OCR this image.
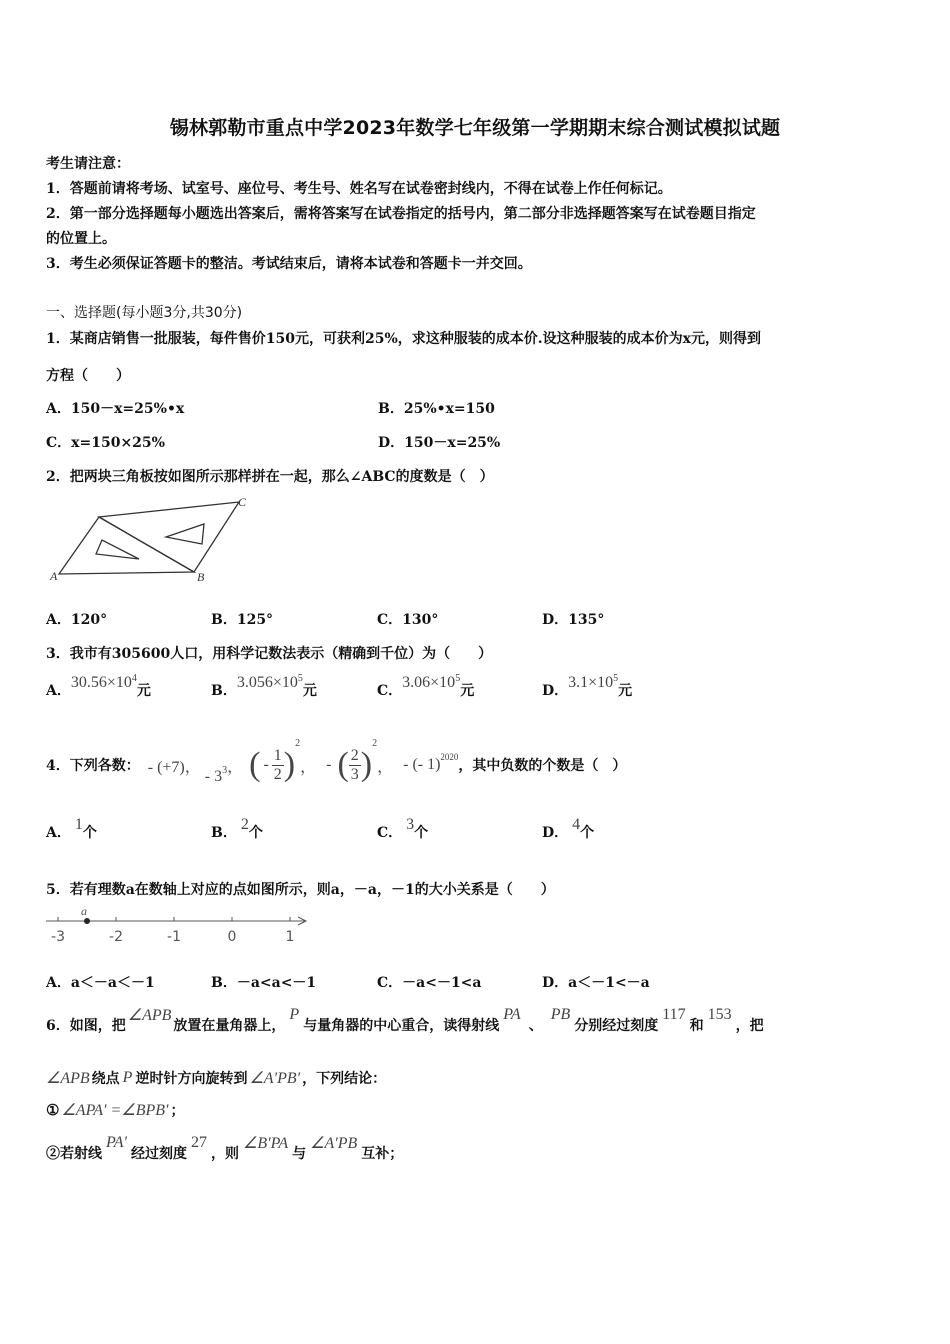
锡林郭勒市重点中学2023年数学七年级第一学期期末综合测试模拟试题
考生请注意：
1．答题前请将考场、试室号、座位号、考生号、姓名写在试卷密封线内，不得在试卷上作任何标记。
2．第一部分选择题每小题选出答案后，需将答案写在试卷指定的括号内，第二部分非选择题答案写在试卷题目指定
的位置上。
3．考生必须保证答题卡的整洁。考试结束后，请将本试卷和答题卡一并交回。
一、选择题(每小题3分,共30分)
1．某商店销售一批服装，每件售价150元，可获利25%，求这种服装的成本价.设这种服装的成本价为x元，则得到
方程（　　）
A．150－x=25%•x	B．25%•x=150
C．x=150×25%	D．150－x=25%
2．把两块三角板按如图所示那样拼在一起，那么∠ABC的度数是（　）
A	B
C
A．120°	B．125°	C．130°	D．135°
3．我市有305600人口，用科学记数法表示（精确到千位）为（　　）
A．$30.56\times 10^4$元	B．$3.056\times 10^5$元	C．$3.06\times 10^5$元	D．$3.1\times 10^5$元
4．下列各数： - (+7)，
- $3^3$ ， ( - $\frac{1}{2}$ )
2
， - ( $\frac{2}{3}$ )
2
， - (- 1) 2020
，其中负数的个数是（　）
A． 1个	B． 2个	C． 3个	D． 4个
5．若有理数a在数轴上对应的点如图所示，则a，－a，－1的大小关系是（　　）
-3	-2	-1	0	1
a
A．a＜－a＜－1	B．－a<a<－1	C．－a<－1<a	D．a＜－1<－a
6．如图，把
∠APB
放置在量角器上，
P
与量角器的中心重合，读得射线
PA
、
PB
分别经过刻度
117
和
153
，把
∠APB 绕点 P 逆时针方向旋转到 ∠A′PB′ ，下列结论：
① ∠APA′ =∠BPB′ ；
②若射线
PA′
经过刻度
27
，则
∠B′PA
与
∠A′PB
互补；
